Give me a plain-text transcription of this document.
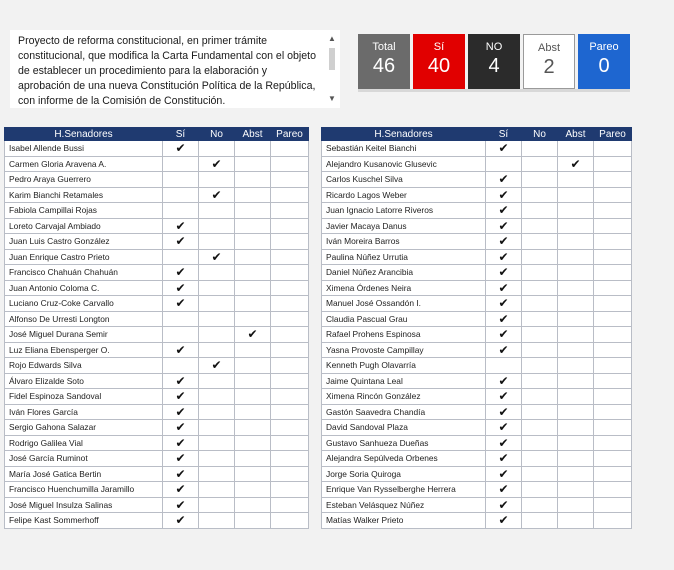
Proyecto de reforma constitucional, en primer trámite constitucional, que modifica la Carta Fundamental con el objeto de establecer un procedimiento para la elaboración y aprobación de una nueva Constitución Política de la República, con informe de la Comisión de Constitución.
▲
▼
Total
46
Sí
40
NO
4
Abst
2
Pareo
0
H.Senadores	Sí	No	Abst	Pareo
Isabel Allende Bussi	✔			
Carmen Gloria Aravena A.		✔		
Pedro Araya Guerrero				
Karim Bianchi Retamales		✔		
Fabiola Campillai Rojas				
Loreto Carvajal Ambiado	✔			
Juan Luis Castro González	✔			
Juan Enrique Castro Prieto		✔		
Francisco Chahuán Chahuán	✔			
Juan Antonio Coloma C.	✔			
Luciano Cruz-Coke Carvallo	✔			
Alfonso De Urresti Longton				
José Miguel Durana Semir			✔	
Luz Eliana Ebensperger O.	✔			
Rojo Edwards Silva		✔		
Álvaro Elizalde Soto	✔			
Fidel Espinoza Sandoval	✔			
Iván Flores García	✔			
Sergio Gahona Salazar	✔			
Rodrigo Galilea Vial	✔			
José García Ruminot	✔			
María José Gatica Bertin	✔			
Francisco Huenchumilla Jaramillo	✔			
José Miguel Insulza Salinas	✔			
Felipe Kast Sommerhoff	✔			
H.Senadores	Sí	No	Abst	Pareo
Sebastián Keitel Bianchi	✔			
Alejandro Kusanovic Glusevic			✔	
Carlos Kuschel Silva	✔			
Ricardo Lagos Weber	✔			
Juan Ignacio Latorre Riveros	✔			
Javier Macaya Danus	✔			
Iván Moreira Barros	✔			
Paulina Núñez Urrutia	✔			
Daniel Núñez Arancibia	✔			
Ximena Órdenes Neira	✔			
Manuel José Ossandón I.	✔			
Claudia Pascual Grau	✔			
Rafael Prohens Espinosa	✔			
Yasna Provoste Campillay	✔			
Kenneth Pugh Olavarría				
Jaime Quintana Leal	✔			
Ximena Rincón González	✔			
Gastón Saavedra Chandía	✔			
David Sandoval Plaza	✔			
Gustavo Sanhueza Dueñas	✔			
Alejandra Sepúlveda Orbenes	✔			
Jorge Soria Quiroga	✔			
Enrique Van Rysselberghe Herrera	✔			
Esteban Velásquez Núñez	✔			
Matías Walker Prieto	✔			
